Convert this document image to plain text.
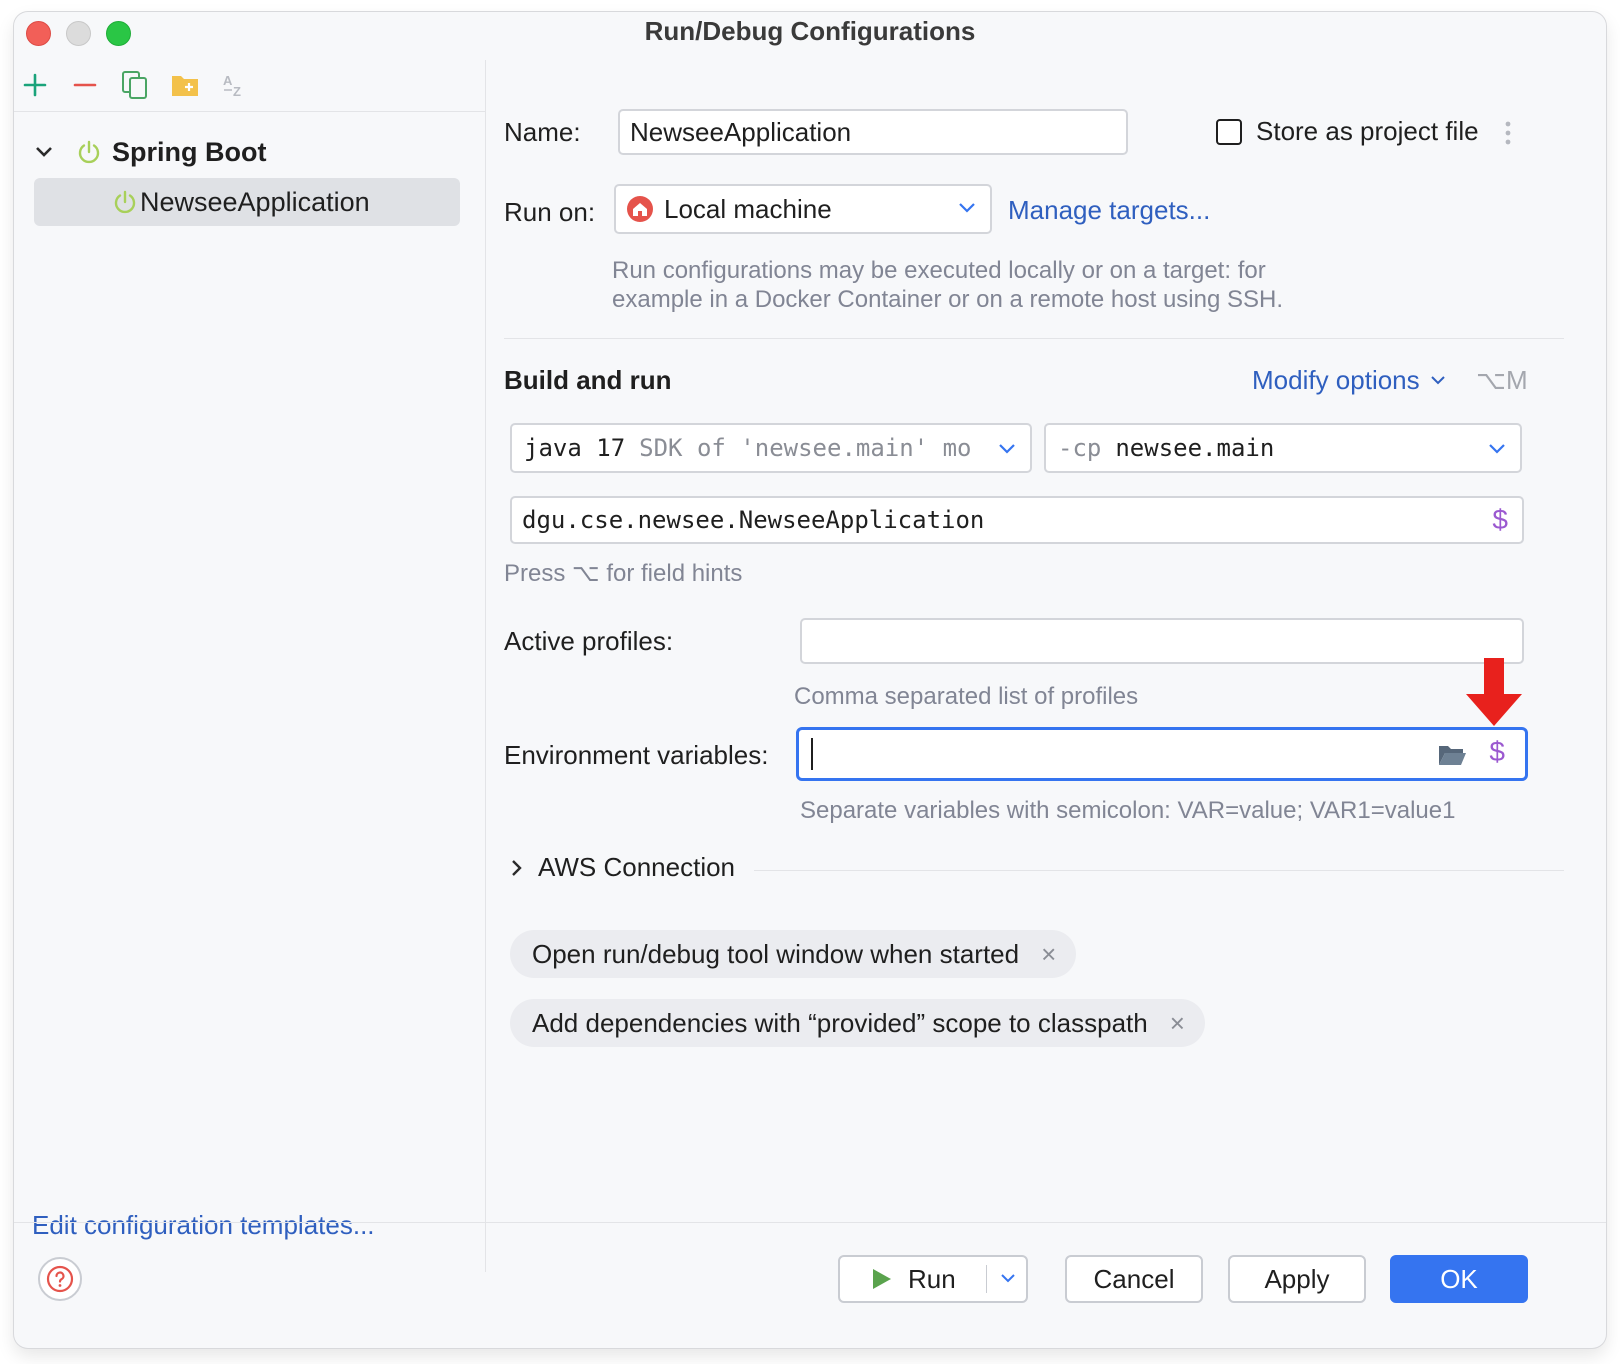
Run/Debug Configurations
A
Z
Spring Boot
NewseeApplication
Edit configuration templates...
Name:	NewseeApplication	Store as project file
Run on:	Local machine	Manage targets...
Run configurations may be executed locally or on a target: for
example in a Docker Container or on a remote host using SSH.
Build and run	Modify options ⌥M
java 17 SDK of 'newsee.main' mo	-cp newsee.main
dgu.cse.newsee.NewseeApplication	$
Press ⌥ for field hints
Active profiles:
Comma separated list of profiles
Environment variables:	$
Separate variables with semicolon: VAR=value; VAR1=value1
AWS Connection
Open run/debug tool window when started ×
Add dependencies with “provided” scope to classpath ×
Run	Cancel	Apply	OK
